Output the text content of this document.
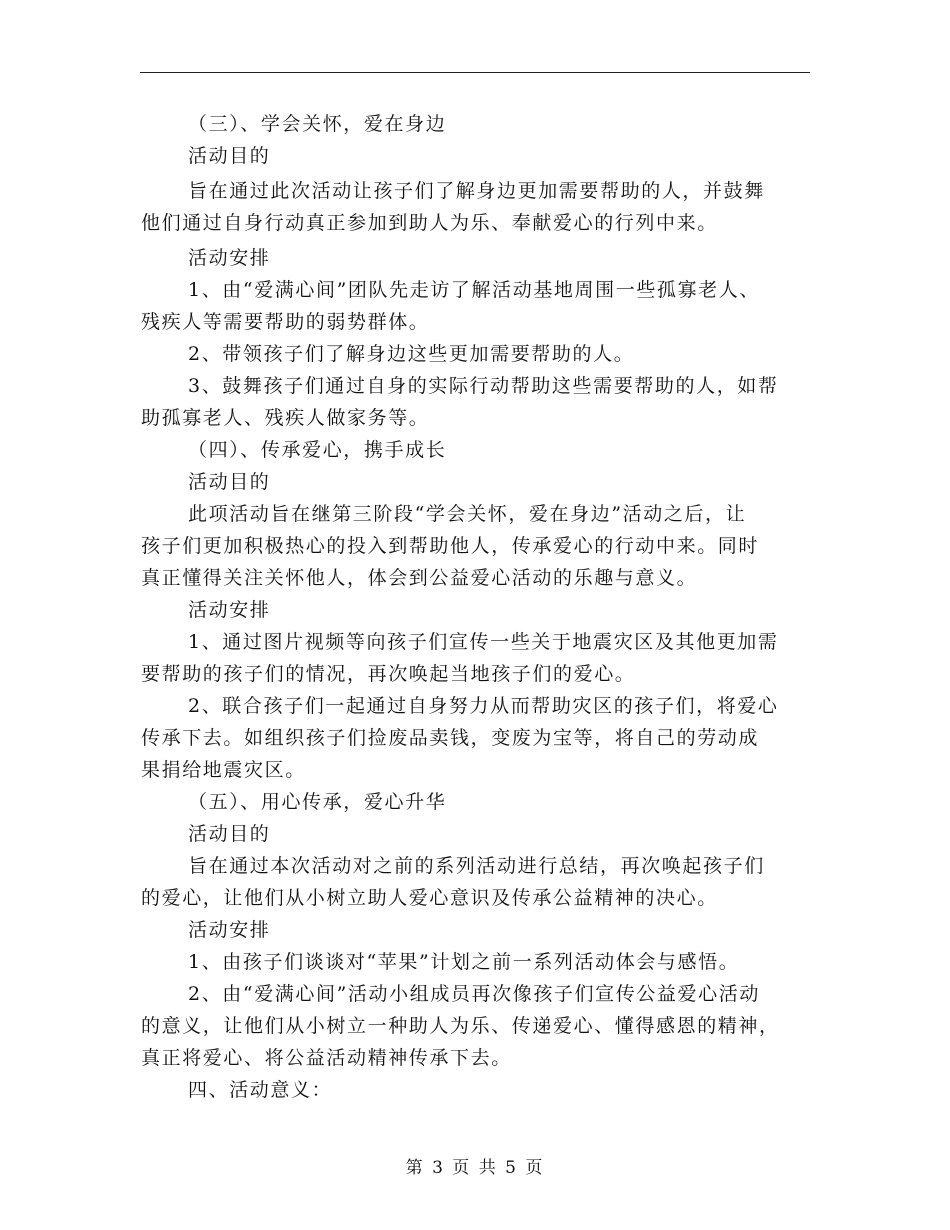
（三）、学会关怀，爱在身边
活动目的
旨在通过此次活动让孩子们了解身边更加需要帮助的人，并鼓舞
他们通过自身行动真正参加到助人为乐、奉献爱心的行列中来。
活动安排
1、由“爱满心间”团队先走访了解活动基地周围一些孤寡老人、
残疾人等需要帮助的弱势群体。
2、带领孩子们了解身边这些更加需要帮助的人。
3、鼓舞孩子们通过自身的实际行动帮助这些需要帮助的人，如帮
助孤寡老人、残疾人做家务等。
（四）、传承爱心，携手成长
活动目的
此项活动旨在继第三阶段“学会关怀，爱在身边”活动之后，让
孩子们更加积极热心的投入到帮助他人，传承爱心的行动中来。同时
真正懂得关注关怀他人，体会到公益爱心活动的乐趣与意义。
活动安排
1、通过图片视频等向孩子们宣传一些关于地震灾区及其他更加需
要帮助的孩子们的情况，再次唤起当地孩子们的爱心。
2、联合孩子们一起通过自身努力从而帮助灾区的孩子们，将爱心
传承下去。如组织孩子们捡废品卖钱，变废为宝等，将自己的劳动成
果捐给地震灾区。
（五）、用心传承，爱心升华
活动目的
旨在通过本次活动对之前的系列活动进行总结，再次唤起孩子们
的爱心，让他们从小树立助人爱心意识及传承公益精神的决心。
活动安排
1、由孩子们谈谈对“苹果”计划之前一系列活动体会与感悟。
2、由“爱满心间”活动小组成员再次像孩子们宣传公益爱心活动
的意义，让他们从小树立一种助人为乐、传递爱心、懂得感恩的精神，
真正将爱心、将公益活动精神传承下去。
四、活动意义：
第 3 页 共 5 页
